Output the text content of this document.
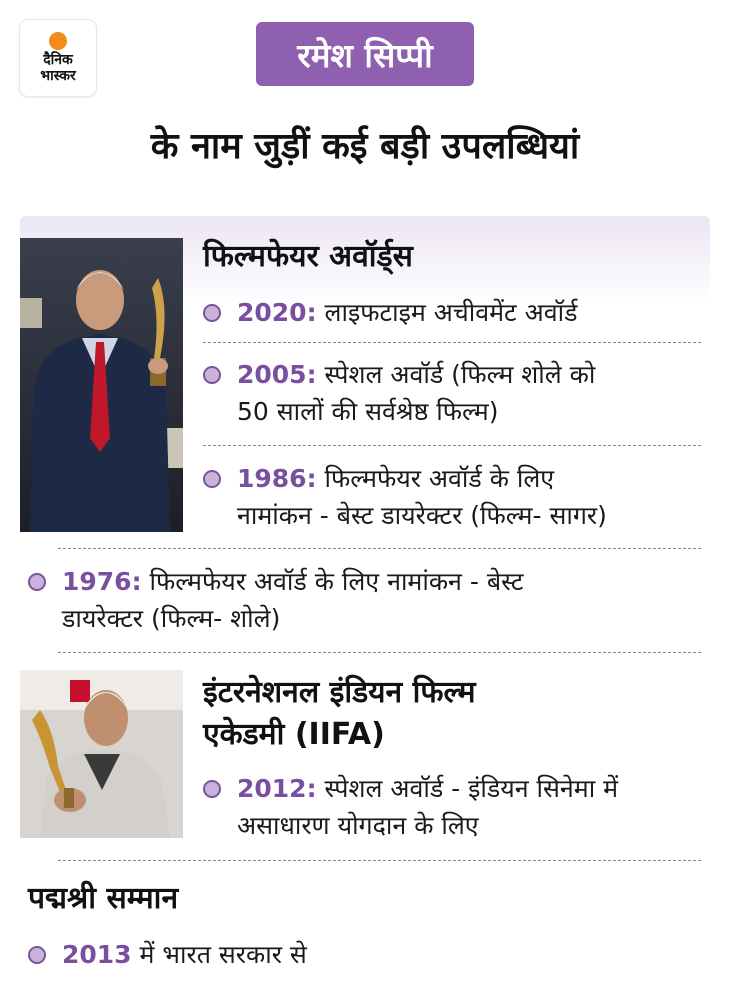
दैनिक
भास्कर
रमेश सिप्पी
के नाम जुड़ीं कई बड़ी उपलब्धियां
फिल्मफेयर अवॉर्ड्स
2020: लाइफटाइम अचीवमेंट अवॉर्ड
2005: स्पेशल अवॉर्ड (फिल्म शोले को
50 सालों की सर्वश्रेष्ठ फिल्म)
1986: फिल्मफेयर अवॉर्ड के लिए
नामांकन - बेस्ट डायरेक्टर (फिल्म- सागर)
1976: फिल्मफेयर अवॉर्ड के लिए नामांकन - बेस्ट
डायरेक्टर (फिल्म- शोले)
इंटरनेशनल इंडियन फिल्म
एकेडमी (IIFA)
2012: स्पेशल अवॉर्ड - इंडियन सिनेमा में
असाधारण योगदान के लिए
पद्मश्री सम्मान
2013 में भारत सरकार से
